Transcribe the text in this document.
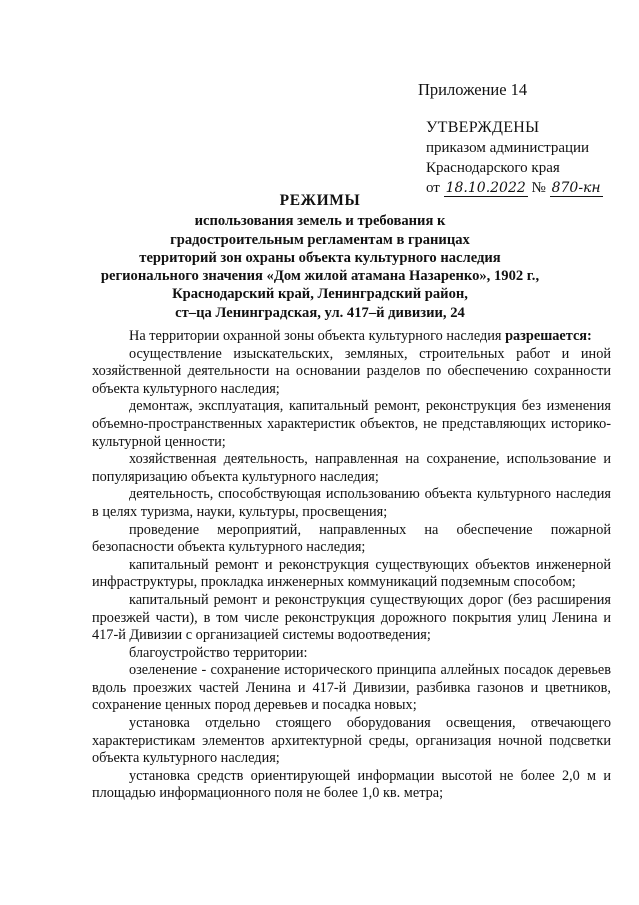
Приложение 14
УТВЕРЖДЕНЫ
приказом администрации
Краснодарского края
от 18.10.2022 № 870-кн
РЕЖИМЫ
использования земель и требования к
градостроительным регламентам в границах
территорий зон охраны объекта культурного наследия
регионального значения «Дом жилой атамана Назаренко», 1902 г.,
Краснодарский край, Ленинградский район,
ст–ца Ленинградская, ул. 417–й дивизии, 24

На территории охранной зоны объекта культурного наследия разрешается:

осуществление изыскательских, земляных, строительных работ и иной хозяйственной деятельности на основании разделов по обеспечению сохранности объекта культурного наследия;

демонтаж, эксплуатация, капитальный ремонт, реконструкция без изменения объемно-пространственных характеристик объектов, не представляющих историко-культурной ценности;

хозяйственная деятельность, направленная на сохранение, использование и популяризацию объекта культурного наследия;

деятельность, способствующая использованию объекта культурного наследия в целях туризма, науки, культуры, просвещения;

проведение мероприятий, направленных на обеспечение пожарной безопасности объекта культурного наследия;

капитальный ремонт и реконструкция существующих объектов инженерной инфраструктуры, прокладка инженерных коммуникаций подземным способом;

капитальный ремонт и реконструкция существующих дорог (без расширения проезжей части), в том числе реконструкция дорожного покрытия улиц Ленина и 417-й Дивизии с организацией системы водоотведения;

благоустройство территории:

озеленение - сохранение исторического принципа аллейных посадок деревьев вдоль проезжих частей Ленина и 417-й Дивизии, разбивка газонов и цветников, сохранение ценных пород деревьев и посадка новых;

установка отдельно стоящего оборудования освещения, отвечающего характеристикам элементов архитектурной среды, организация ночной подсветки объекта культурного наследия;

установка средств ориентирующей информации высотой не более 2,0 м и площадью информационного поля не более 1,0 кв. метра;
